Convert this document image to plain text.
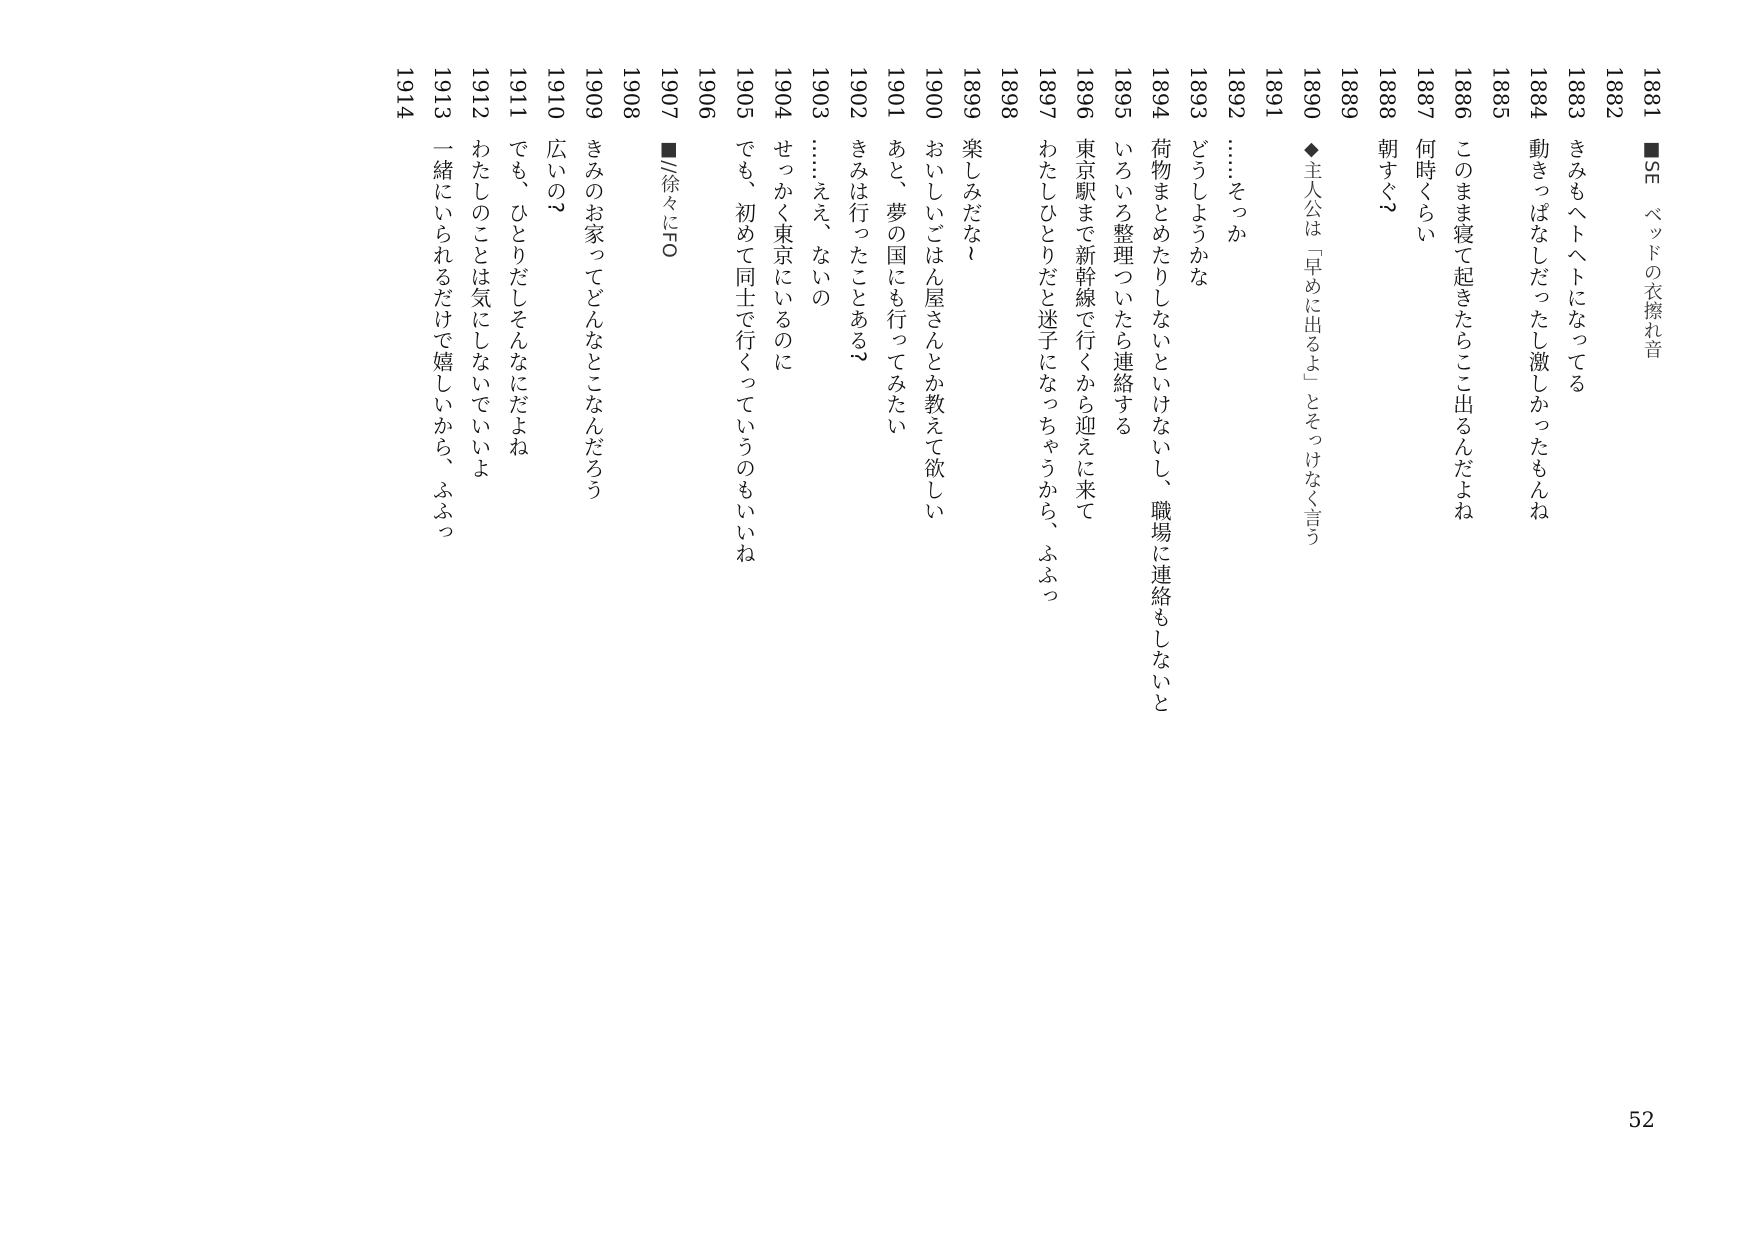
1881
■SE　ベッドの衣擦れ音
1882
1883
きみもヘトヘトになってる
1884
動きっぱなしだったし激しかったもんね
1885
1886
このまま寝て起きたらここ出るんだよね
1887
何時くらい
1888
朝すぐ?
1889
1890
◆主人公は「早めに出るよ」とそっけなく言う
1891
1892
……そっか
1893
どうしようかな
1894
荷物まとめたりしないといけないし、職場に連絡もしないと
1895
いろいろ整理ついたら連絡する
1896
東京駅まで新幹線で行くから迎えに来て
1897
わたしひとりだと迷子になっちゃうから、ふふっ
1898
1899
楽しみだな~
1900
おいしいごはん屋さんとか教えて欲しい
1901
あと、夢の国にも行ってみたい
1902
きみは行ったことある?
1903
……ええ、ないの
1904
せっかく東京にいるのに
1905
でも、初めて同士で行くっていうのもいいね
1906
1907
■//徐々にFO
1908
1909
きみのお家ってどんなとこなんだろう
1910
広いの?
1911
でも、ひとりだしそんなにだよね
1912
わたしのことは気にしないでいいよ
1913
一緒にいられるだけで嬉しいから、ふふっ
1914
52
